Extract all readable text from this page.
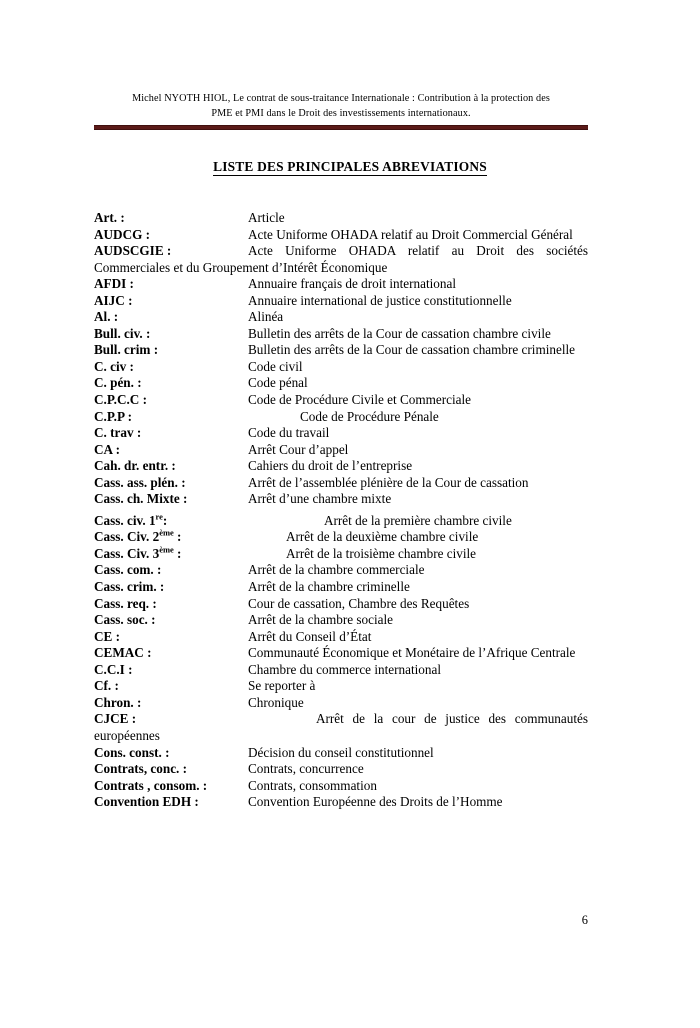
Michel NYOTH HIOL, Le contrat de sous-traitance Internationale : Contribution à la protection des
PME et PMI dans le Droit des investissements internationaux.
LISTE DES PRINCIPALES ABREVIATIONS

Art. :	Article

AUDCG :	Acte Uniforme OHADA relatif au Droit Commercial Général

AUDSCGIE :	Acte Uniforme OHADA relatif au Droit des sociétés Commerciales et du Groupement d’Intérêt Économique

AFDI :	Annuaire français de droit international

AIJC :	Annuaire international de justice constitutionnelle

Al. :	Alinéa

Bull. civ. :	Bulletin des arrêts de la Cour de cassation chambre civile

Bull. crim :	Bulletin des arrêts de la Cour de cassation chambre criminelle

C. civ :	Code civil

C. pén. :	Code pénal

C.P.C.C :	Code de Procédure Civile et Commerciale

C.P.P :	Code de Procédure Pénale

C. trav :	Code du travail

CA :	Arrêt Cour d’appel

Cah. dr. entr. :	Cahiers du droit de l’entreprise

Cass. ass. plén. :	Arrêt de l’assemblée plénière de la Cour de cassation

Cass. ch. Mixte :	Arrêt d’une chambre mixte

Cass. civ. 1re:	Arrêt de la première chambre civile

Cass. Civ. 2ème :	Arrêt de la deuxième chambre civile

Cass. Civ. 3ème :	Arrêt de la troisième chambre civile

Cass. com. :	Arrêt de la chambre commerciale

Cass. crim. :	Arrêt de la chambre criminelle

Cass. req. :	Cour de cassation, Chambre des Requêtes

Cass. soc. :	Arrêt de la chambre sociale

CE :	Arrêt du Conseil d’État

CEMAC :	Communauté Économique et Monétaire de l’Afrique Centrale

C.C.I :	Chambre du commerce international

Cf. :	Se reporter à

Chron. :	Chronique

CJCE :	Arrêt de la cour de justice des communautés européennes

Cons. const. :	Décision du conseil constitutionnel

Contrats, conc. :	Contrats, concurrence

Contrats , consom. :	Contrats, consommation

Convention EDH :	Convention Européenne des Droits de l’Homme

6
